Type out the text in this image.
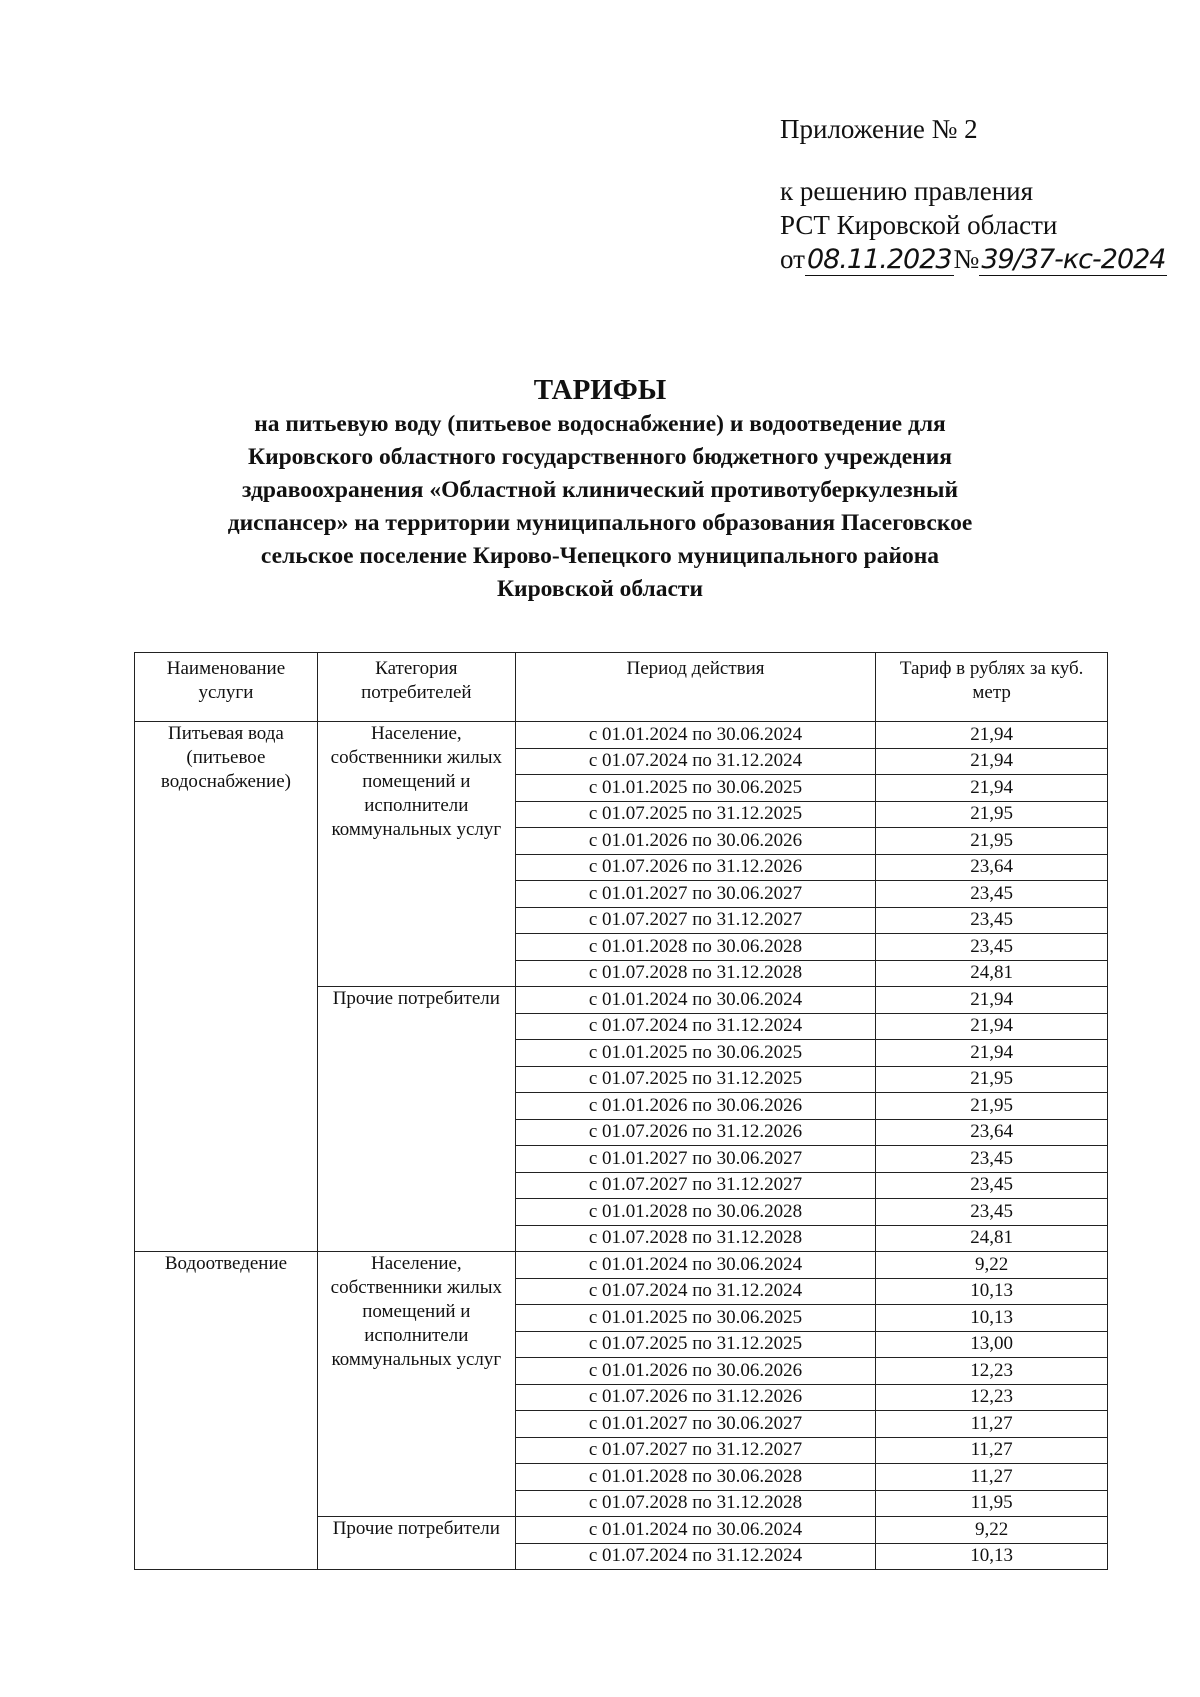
Приложение № 2
к решению правления
РСТ Кировской области
от08.11.2023№39/37-кс-2024
ТАРИФЫ
на питьевую воду (питьевое водоснабжение) и водоотведение для
Кировского областного государственного бюджетного учреждения
здравоохранения «Областной клинический противотуберкулезный
диспансер» на территории муниципального образования Пасеговское
сельское поселение Кирово-Чепецкого муниципального района
Кировской области
Наименование услуги	Категория потребителей	Период действия	Тариф в рублях за куб. метр
Питьевая вода (питьевое водоснабжение)	Население, собственники жилых помещений и исполнители коммунальных услуг	с 01.01.2024 по 30.06.2024	21,94
		с 01.07.2024 по 31.12.2024	21,94
		с 01.01.2025 по 30.06.2025	21,94
		с 01.07.2025 по 31.12.2025	21,95
		с 01.01.2026 по 30.06.2026	21,95
		с 01.07.2026 по 31.12.2026	23,64
		с 01.01.2027 по 30.06.2027	23,45
		с 01.07.2027 по 31.12.2027	23,45
		с 01.01.2028 по 30.06.2028	23,45
		с 01.07.2028 по 31.12.2028	24,81
	Прочие потребители	с 01.01.2024 по 30.06.2024	21,94
		с 01.07.2024 по 31.12.2024	21,94
		с 01.01.2025 по 30.06.2025	21,94
		с 01.07.2025 по 31.12.2025	21,95
		с 01.01.2026 по 30.06.2026	21,95
		с 01.07.2026 по 31.12.2026	23,64
		с 01.01.2027 по 30.06.2027	23,45
		с 01.07.2027 по 31.12.2027	23,45
		с 01.01.2028 по 30.06.2028	23,45
		с 01.07.2028 по 31.12.2028	24,81
Водоотведение	Население, собственники жилых помещений и исполнители коммунальных услуг	с 01.01.2024 по 30.06.2024	9,22
		с 01.07.2024 по 31.12.2024	10,13
		с 01.01.2025 по 30.06.2025	10,13
		с 01.07.2025 по 31.12.2025	13,00
		с 01.01.2026 по 30.06.2026	12,23
		с 01.07.2026 по 31.12.2026	12,23
		с 01.01.2027 по 30.06.2027	11,27
		с 01.07.2027 по 31.12.2027	11,27
		с 01.01.2028 по 30.06.2028	11,27
		с 01.07.2028 по 31.12.2028	11,95
	Прочие потребители	с 01.01.2024 по 30.06.2024	9,22
		с 01.07.2024 по 31.12.2024	10,13
